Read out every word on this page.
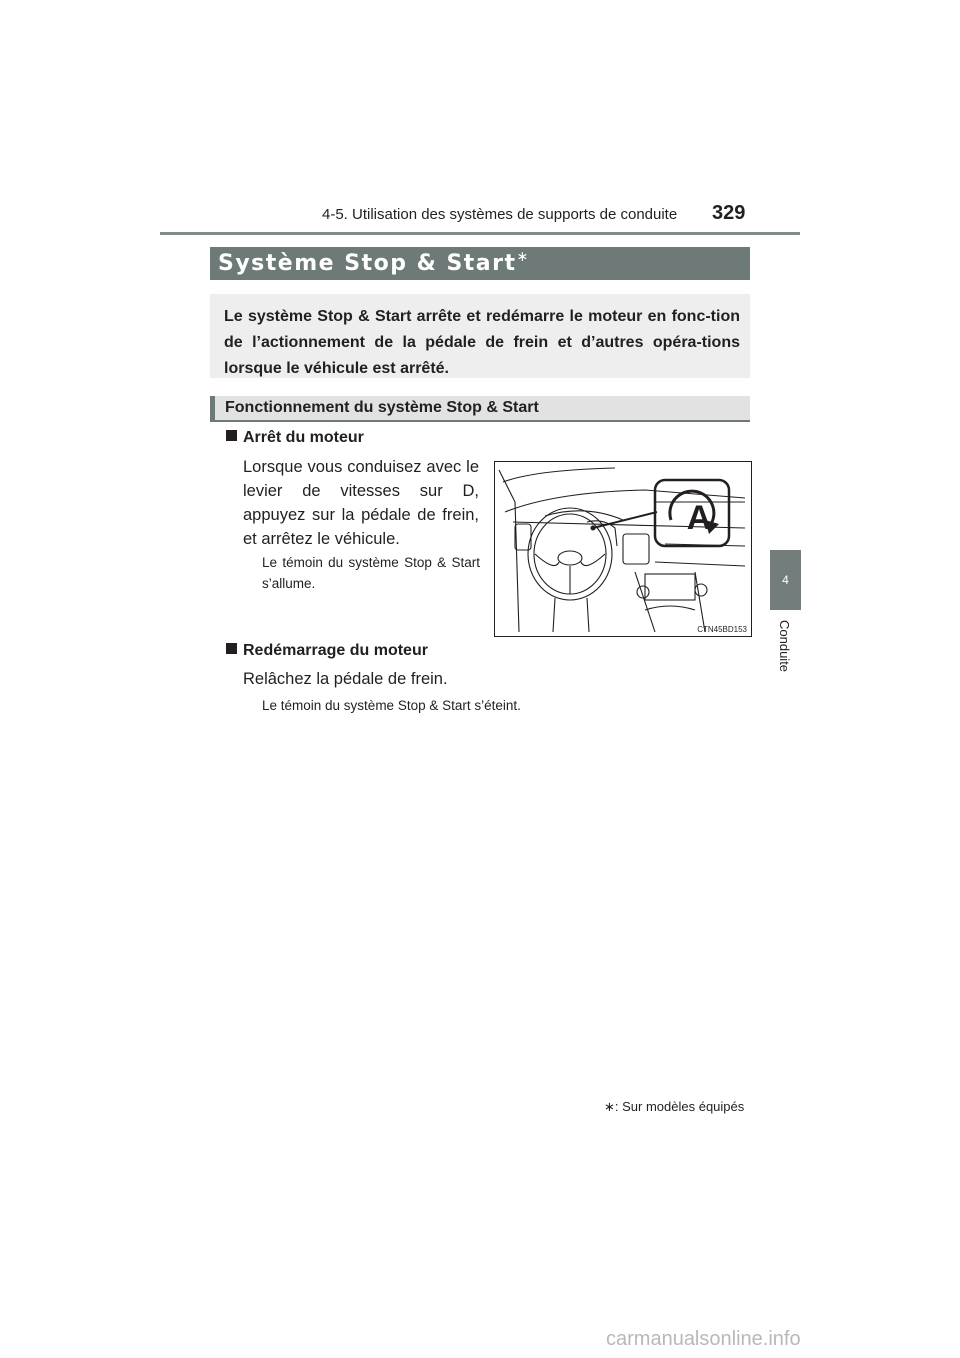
4-5. Utilisation des systèmes de supports de conduite 329
4
Conduite
Système Stop & Start∗

Le système Stop & Start arrête et redémarre le moteur en fonc-tion de l’actionnement de la pédale de frein et d’autres opéra-tions lorsque le véhicule est arrêté.

Fonctionnement du système Stop & Start
Arrêt du moteur
Lorsque vous conduisez avec le levier de vitesses sur D, appuyez sur la pédale de frein, et arrêtez le véhicule.
Le témoin du système Stop & Start s’allume.
A
CTN45BD153
Redémarrage du moteur
Relâchez la pédale de frein.
Le témoin du système Stop & Start s’éteint.
∗: Sur modèles équipés
carmanualsonline.info
